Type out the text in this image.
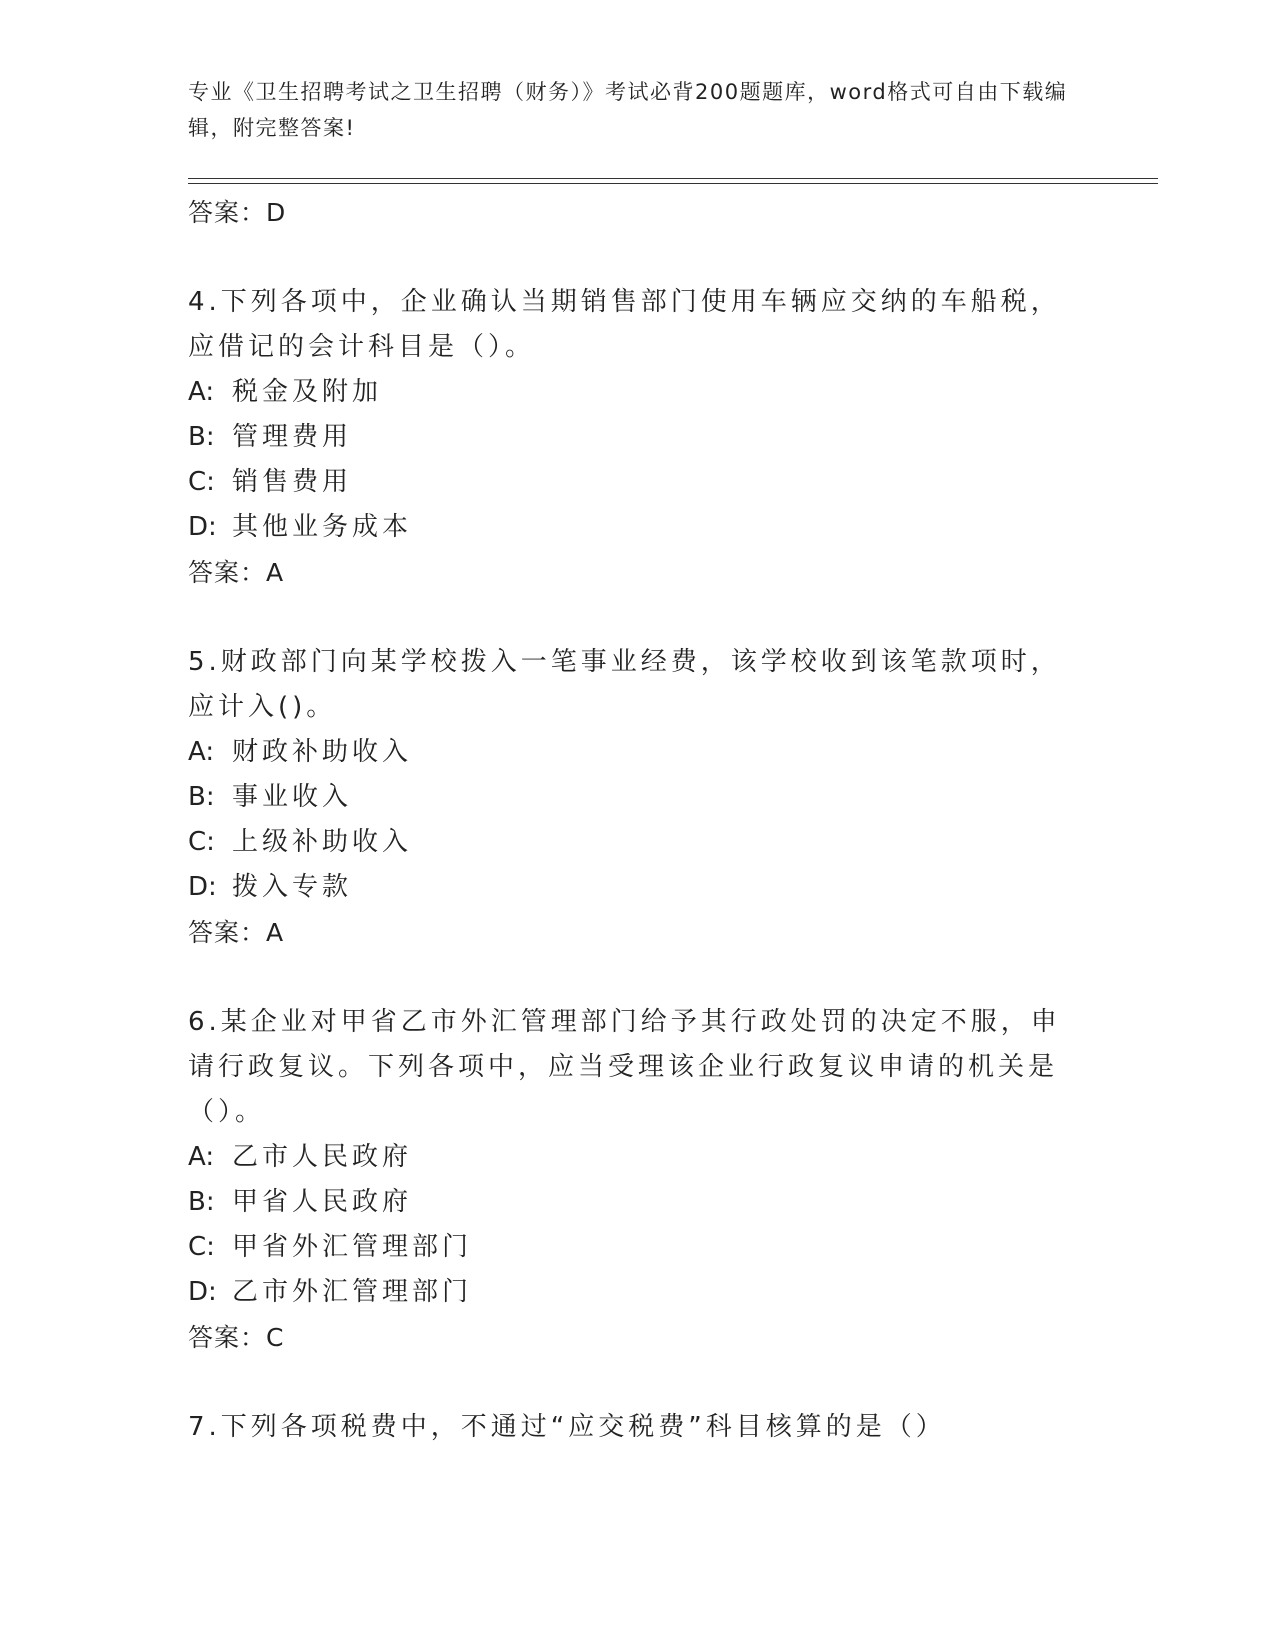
专业《卫生招聘考试之卫生招聘（财务）》考试必背200题题库，word格式可自由下载编辑，附完整答案!
答案：D
4.下列各项中，企业确认当期销售部门使用车辆应交纳的车船税，应借记的会计科目是（）。
A: 税金及附加
B: 管理费用
C: 销售费用
D: 其他业务成本
答案：A
5.财政部门向某学校拨入一笔事业经费，该学校收到该笔款项时，应计入()。
A: 财政补助收入
B: 事业收入
C: 上级补助收入
D: 拨入专款
答案：A
6.某企业对甲省乙市外汇管理部门给予其行政处罚的决定不服，申请行政复议。下列各项中，应当受理该企业行政复议申请的机关是（）。
A: 乙市人民政府
B: 甲省人民政府
C: 甲省外汇管理部门
D: 乙市外汇管理部门
答案：C
7.下列各项税费中，不通过“应交税费”科目核算的是（）
